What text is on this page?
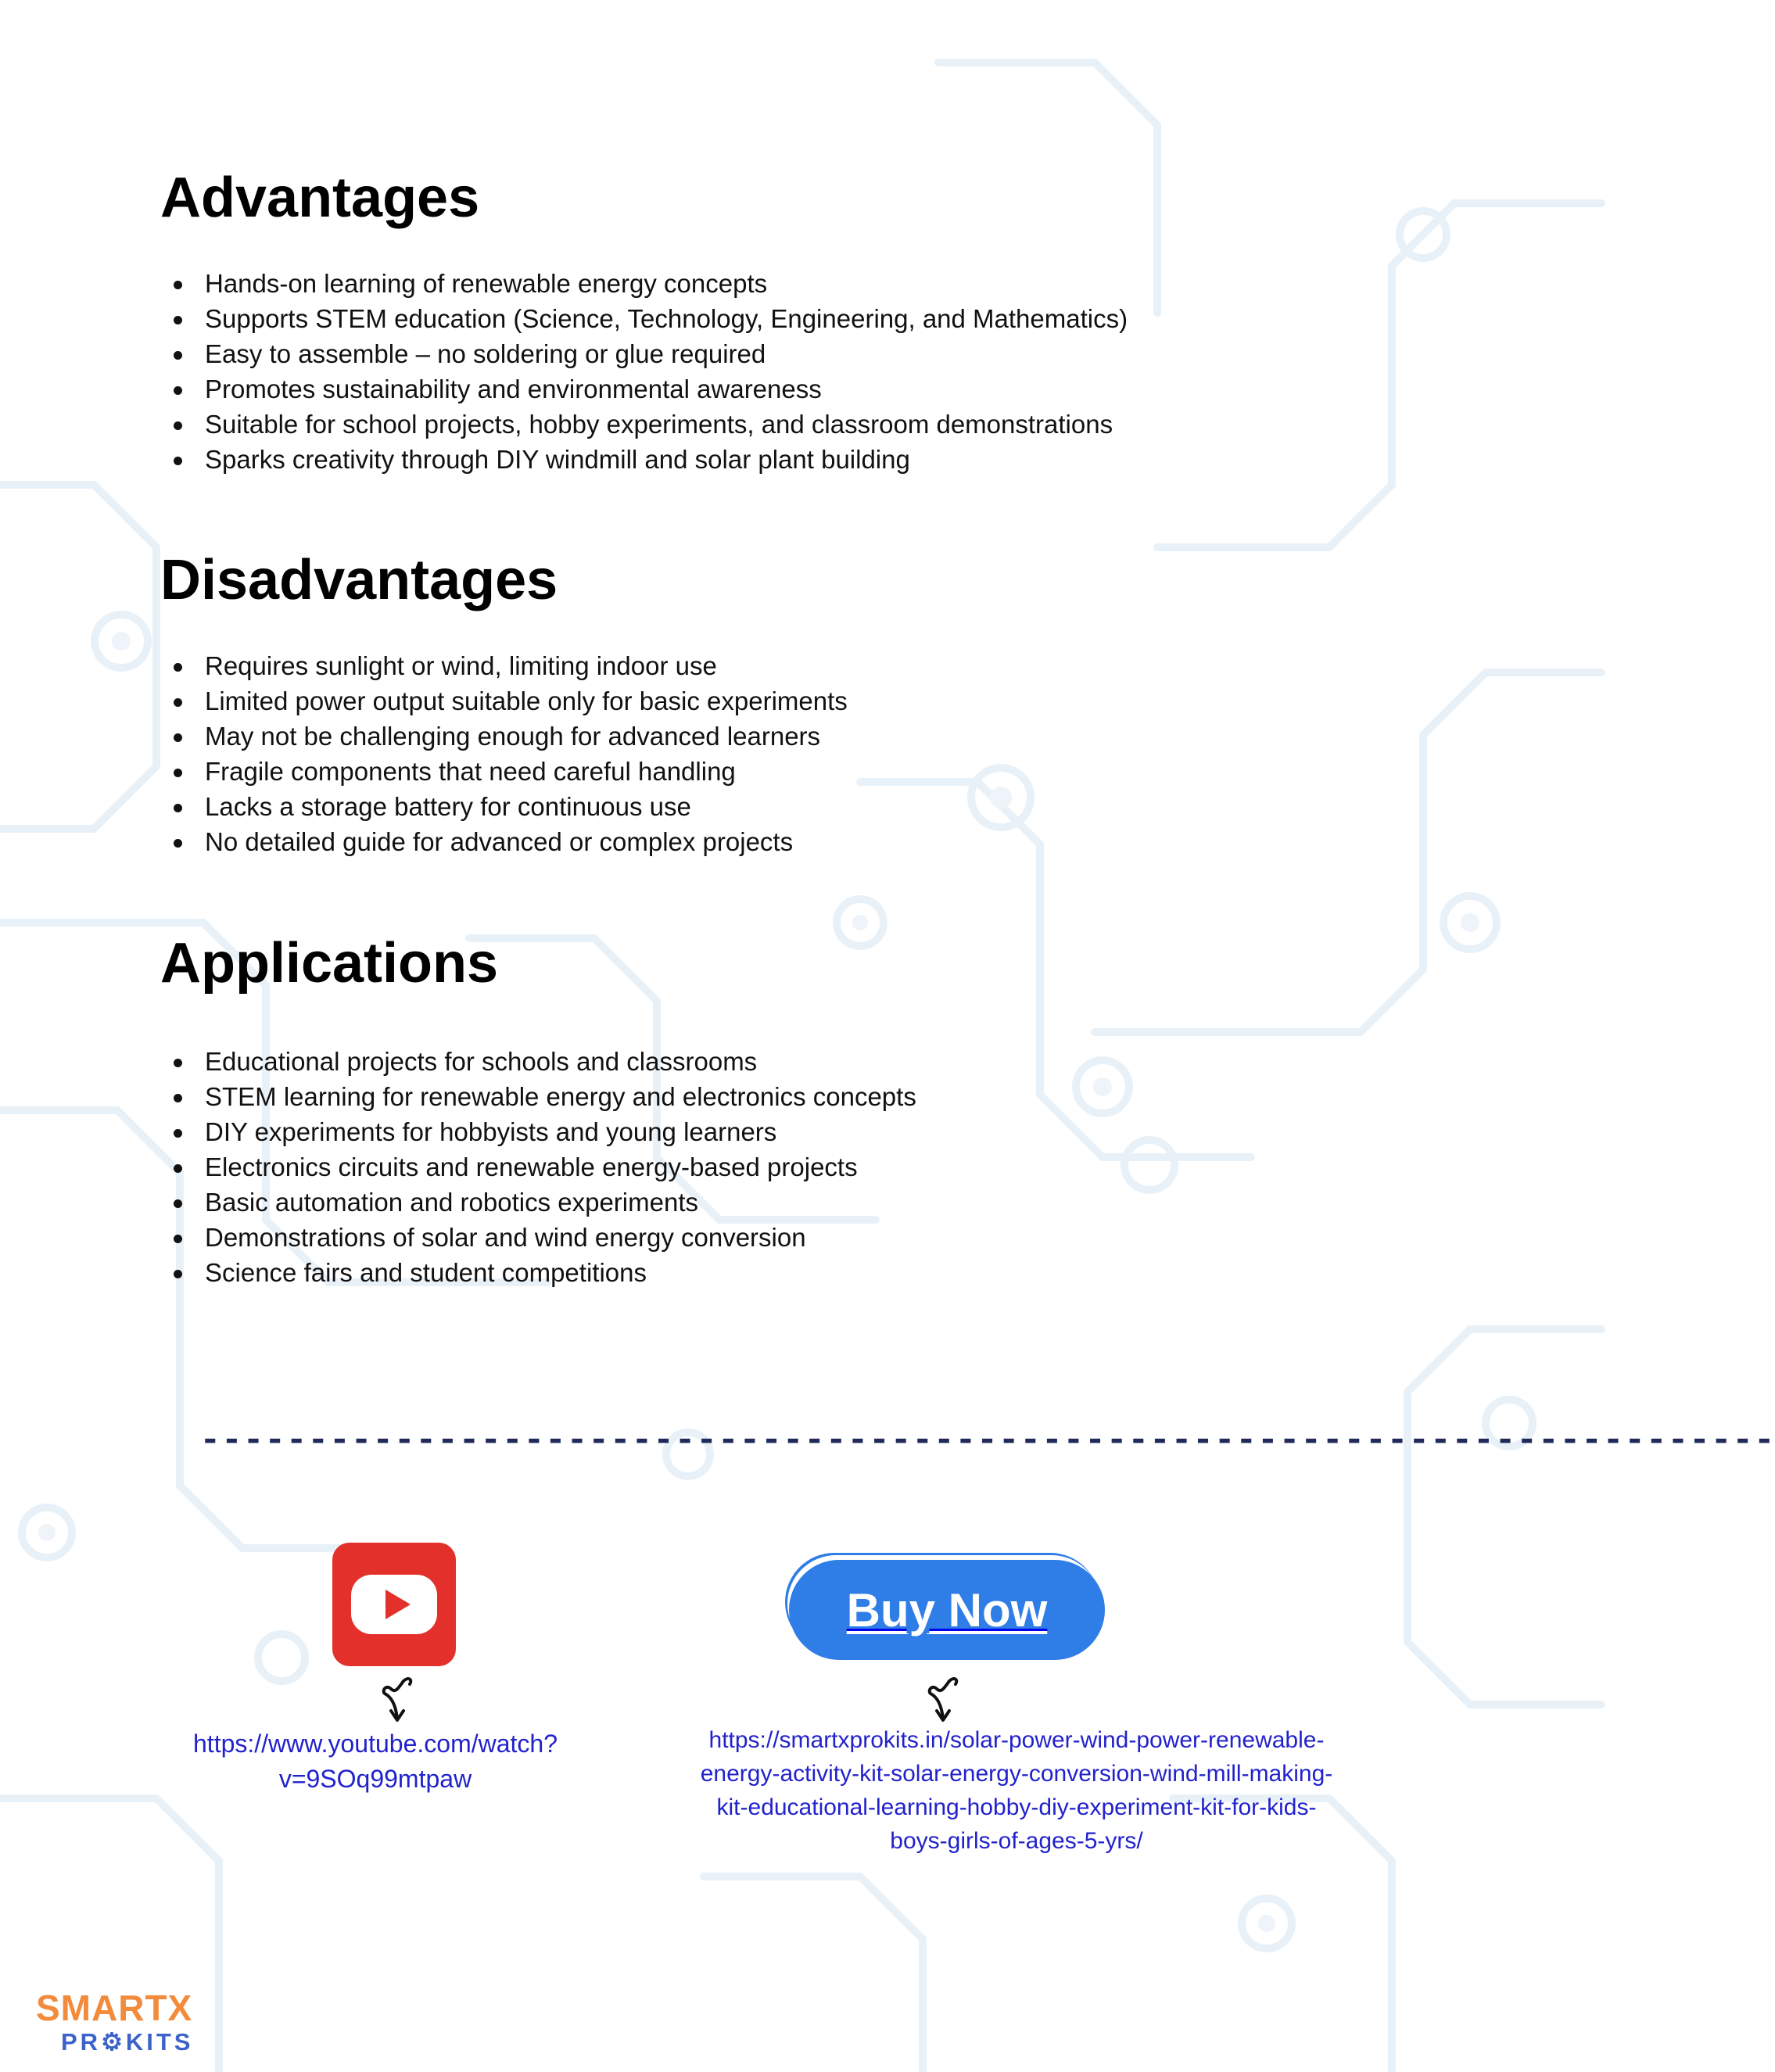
Advantages
Hands-on learning of renewable energy concepts
Supports STEM education (Science, Technology, Engineering, and Mathematics)
Easy to assemble – no soldering or glue required
Promotes sustainability and environmental awareness
Suitable for school projects, hobby experiments, and classroom demonstrations
Sparks creativity through DIY windmill and solar plant building
Disadvantages
Requires sunlight or wind, limiting indoor use
Limited power output suitable only for basic experiments
May not be challenging enough for advanced learners
Fragile components that need careful handling
Lacks a storage battery for continuous use
No detailed guide for advanced or complex projects
Applications
Educational projects for schools and classrooms
STEM learning for renewable energy and electronics concepts
DIY experiments for hobbyists and young learners
Electronics circuits and renewable energy-based projects
Basic automation and robotics experiments
Demonstrations of solar and wind energy conversion
Science fairs and student competitions
-------------------------------------------------------------------------
Buy Now
https://www.youtube.com/watch?
v=9SOq99mtpaw
https://smartxprokits.in/solar-power-wind-power-renewable-
energy-activity-kit-solar-energy-conversion-wind-mill-making-
kit-educational-learning-hobby-diy-experiment-kit-for-kids-
boys-girls-of-ages-5-yrs/
SMARTX
PR⚙KITS
